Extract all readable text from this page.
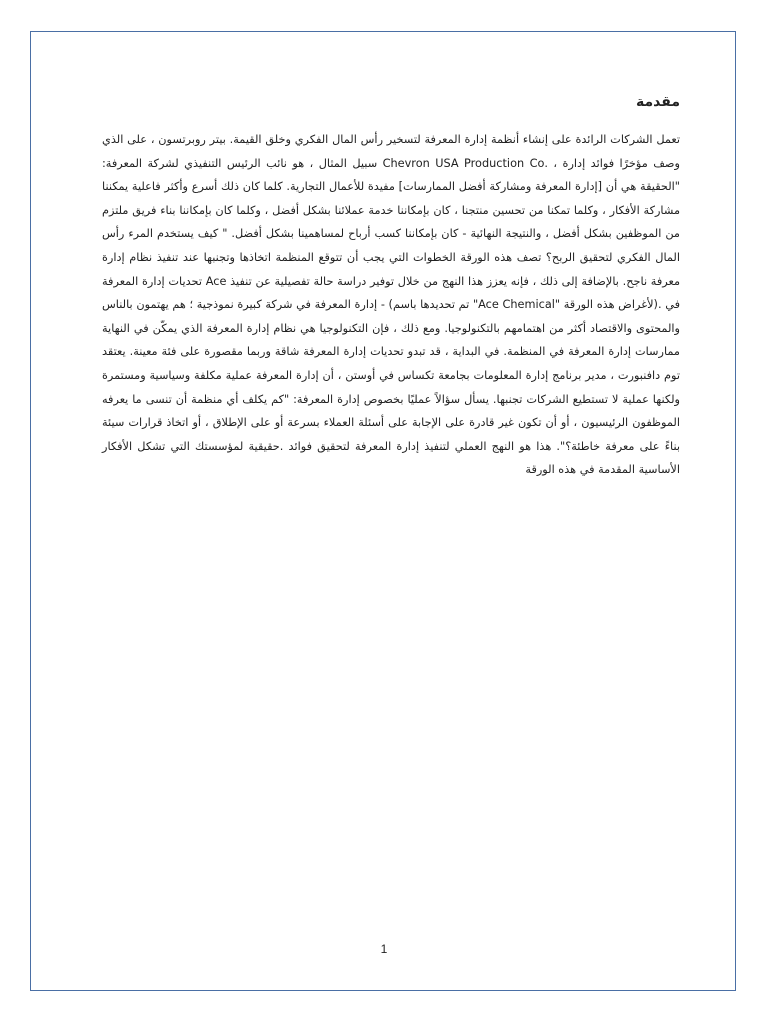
مقدمة

تعمل الشركات الرائدة على إنشاء أنظمة إدارة المعرفة لتسخير رأس المال الفكري وخلق القيمة. بيتر روبرتسون ، على الذي وصف مؤخرًا فوائد إدارة ، .Chevron USA Production Co سبيل المثال ، هو نائب الرئيس التنفيذي لشركة المعرفة: "الحقيقة هي أن [إدارة المعرفة ومشاركة أفضل الممارسات] مفيدة للأعمال التجارية. كلما كان ذلك أسرع وأكثر فاعلية يمكننا مشاركة الأفكار ، وكلما تمكنا من تحسين منتجنا ، كان بإمكاننا خدمة عملائنا بشكل أفضل ، وكلما كان بإمكاننا بناء فريق ملتزم من الموظفين بشكل أفضل ، والنتيجة النهائية - كان بإمكاننا كسب أرباح لمساهمينا بشكل أفضل. " كيف يستخدم المرء رأس المال الفكري لتحقيق الربح؟ تصف هذه الورقة الخطوات التي يجب أن تتوقع المنظمة اتخاذها وتجنبها عند تنفيذ نظام إدارة معرفة ناجح. بالإضافة إلى ذلك ، فإنه يعزز هذا النهج من خلال توفير دراسة حالة تفصيلية عن تنفيذ Ace تحديات إدارة المعرفة في .(لأغراض هذه الورقة "Ace Chemical" تم تحديدها باسم) - إدارة المعرفة في شركة كبيرة نموذجية ؛ هم يهتمون بالناس والمحتوى والاقتصاد أكثر من اهتمامهم بالتكنولوجيا. ومع ذلك ، فإن التكنولوجيا هي نظام إدارة المعرفة الذي يمكّن في النهاية ممارسات إدارة المعرفة في المنظمة. في البداية ، قد تبدو تحديات إدارة المعرفة شاقة وربما مقصورة على فئة معينة. يعتقد توم دافنبورت ، مدير برنامج إدارة المعلومات بجامعة تكساس في أوستن ، أن إدارة المعرفة عملية مكلفة وسياسية ومستمرة ولكنها عملية لا تستطيع الشركات تجنبها. يسأل سؤالاً عمليًا بخصوص إدارة المعرفة: "كم يكلف أي منظمة أن تنسى ما يعرفه الموظفون الرئيسيون ، أو أن تكون غير قادرة على الإجابة على أسئلة العملاء بسرعة أو على الإطلاق ، أو اتخاذ قرارات سيئة بناءً على معرفة خاطئة؟". هذا هو النهج العملي لتنفيذ إدارة المعرفة لتحقيق فوائد .حقيقية لمؤسستك التي تشكل الأفكار الأساسية المقدمة في هذه الورقة

1
